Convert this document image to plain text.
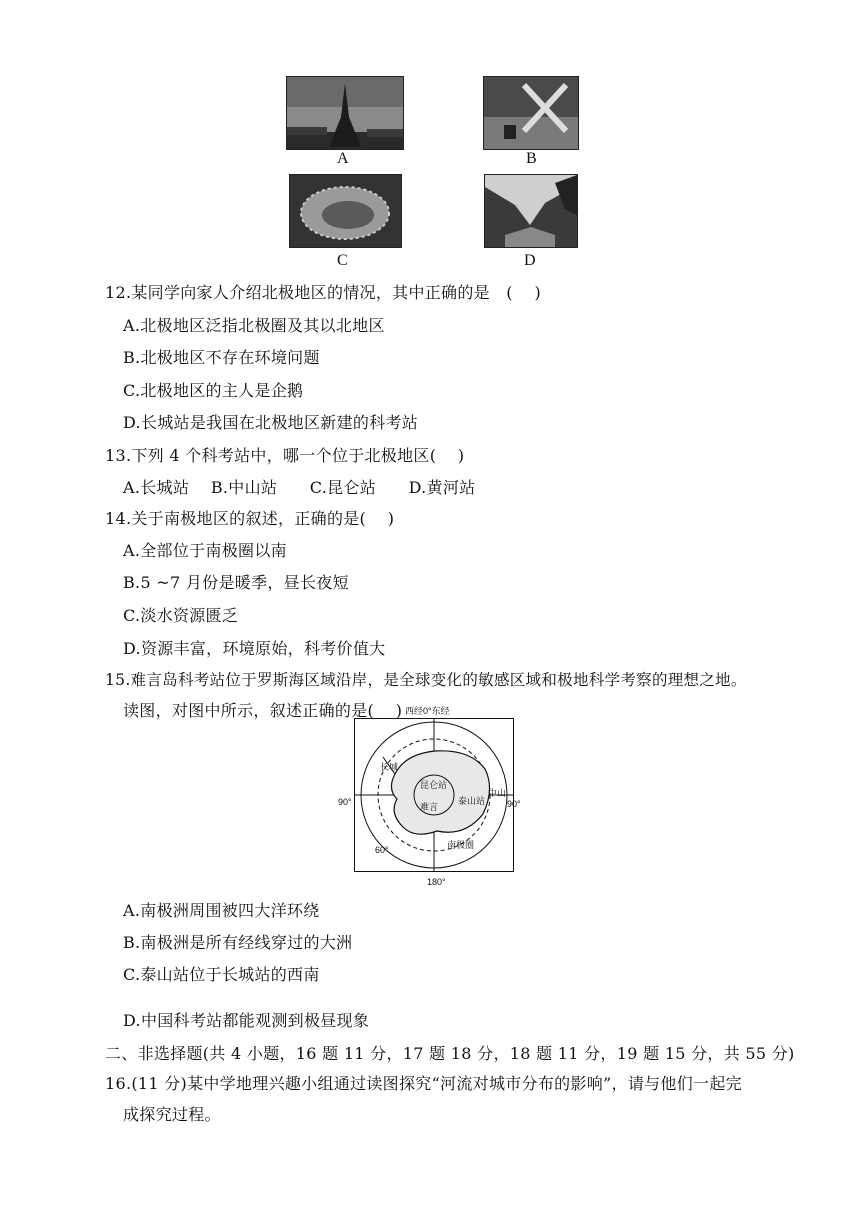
A	B
C	D
12.某同学向家人介绍北极地区的情况，其中正确的是　(　 )
A.北极地区泛指北极圈及其以北地区
B.北极地区不存在环境问题
C.北极地区的主人是企鹅
D.长城站是我国在北极地区新建的科考站
13.下列 4 个科考站中，哪一个位于北极地区(　 )
A.长城站　 B.中山站　　C.昆仑站　　D.黄河站
14.关于南极地区的叙述，正确的是(　 )
A.全部位于南极圈以南
B.5 ~7 月份是暖季，昼长夜短
C.淡水资源匮乏
D.资源丰富，环境原始，科考价值大
15.难言岛科考站位于罗斯海区域沿岸，是全球变化的敏感区域和极地科学考察的理想之地。
读图，对图中所示，叙述正确的是(　 ) 西经0°东经
长城
昆仑站
中山
泰山站
难言
南极圈
90°	90°
60°
180°
A.南极洲周围被四大洋环绕
B.南极洲是所有经线穿过的大洲
C.泰山站位于长城站的西南
D.中国科考站都能观测到极昼现象
二、非选择题(共 4 小题，16 题 11 分，17 题 18 分，18 题 11 分，19 题 15 分，共 55 分)
16.(11 分)某中学地理兴趣小组通过读图探究“河流对城市分布的影响”，请与他们一起完
成探究过程。
